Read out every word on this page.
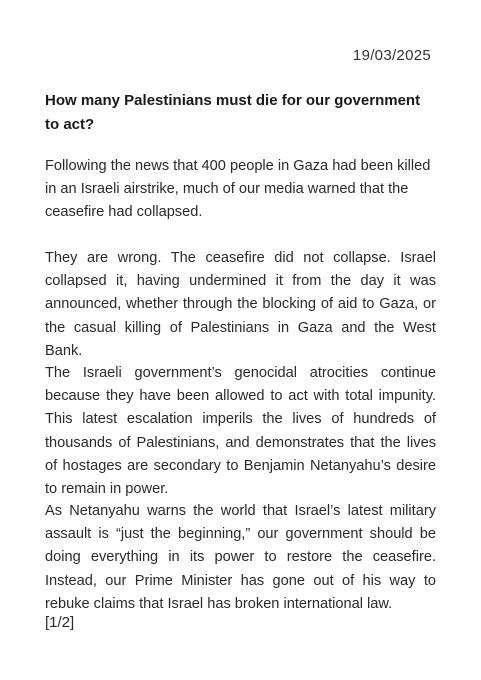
19/03/2025
How many Palestinians must die for our government to act?

Following the news that 400 people in Gaza had been killed in an Israeli airstrike, much of our media warned that the ceasefire had collapsed.

They are wrong. The ceasefire did not collapse. Israel collapsed it, having undermined it from the day it was announced, whether through the blocking of aid to Gaza, or the casual killing of Palestinians in Gaza and the West Bank.

The Israeli government’s genocidal atrocities continue because they have been allowed to act with total impunity. This latest escalation imperils the lives of hundreds of thousands of Palestinians, and demonstrates that the lives of hostages are secondary to Benjamin Netanyahu’s desire to remain in power.

As Netanyahu warns the world that Israel’s latest military assault is “just the beginning,” our government should be doing everything in its power to restore the ceasefire. Instead, our Prime Minister has gone out of his way to rebuke claims that Israel has broken international law.

[1/2]
